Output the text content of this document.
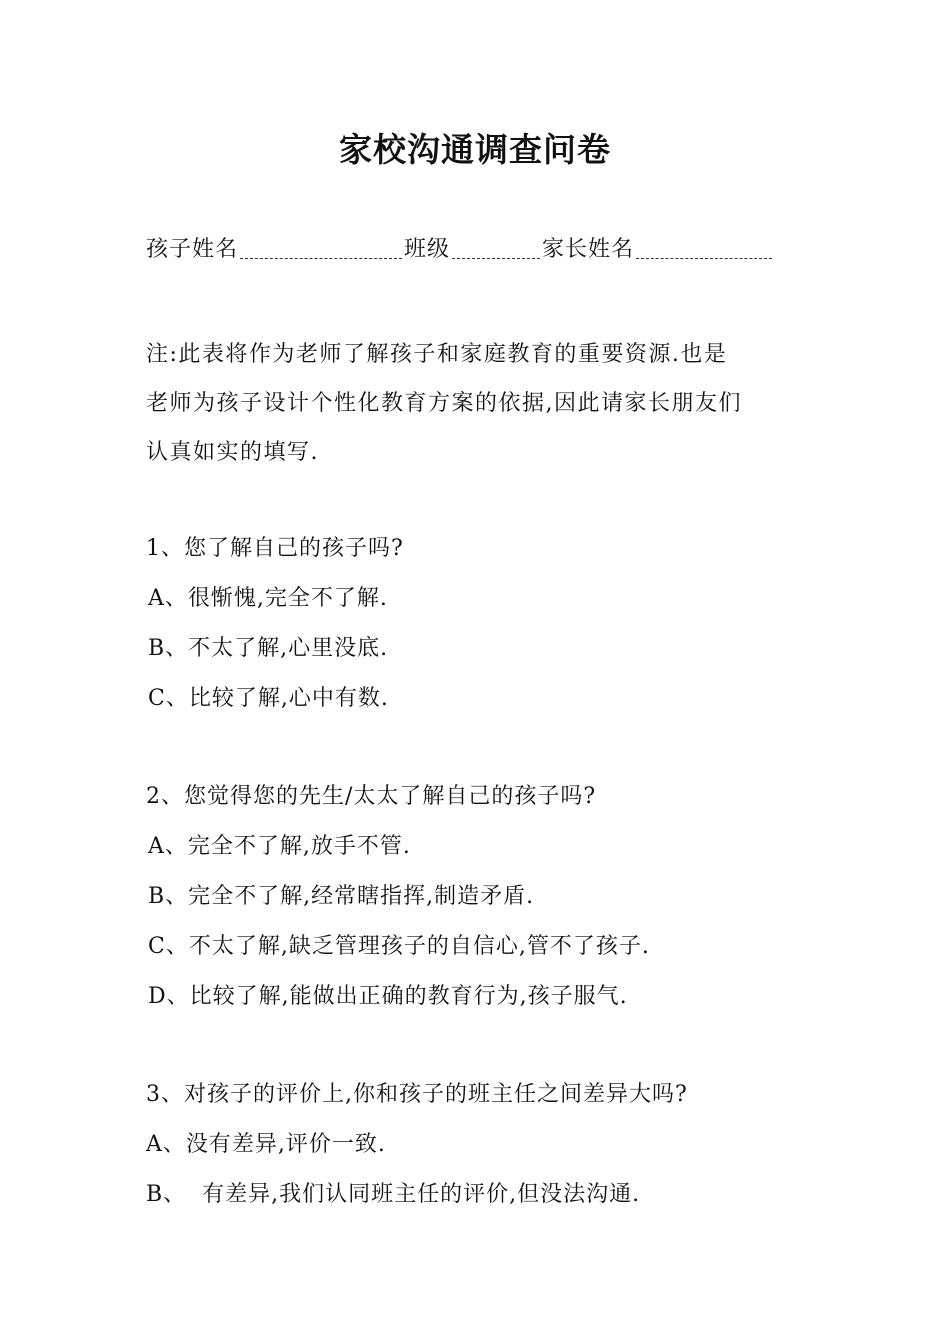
家校沟通调查问卷
孩子姓名	班级	家长姓名

注:此表将作为老师了解孩子和家庭教育的重要资源.也是

老师为孩子设计个性化教育方案的依据,因此请家长朋友们

认真如实的填写.

1、您了解自己的孩子吗?
A、很惭愧,完全不了解.
B、不太了解,心里没底.
C、比较了解,心中有数.
2、您觉得您的先生/太太了解自己的孩子吗?
A、完全不了解,放手不管.
B、完全不了解,经常瞎指挥,制造矛盾.
C、不太了解,缺乏管理孩子的自信心,管不了孩子.
D、比较了解,能做出正确的教育行为,孩子服气.
3、对孩子的评价上,你和孩子的班主任之间差异大吗?
A、没有差异,评价一致.
B、  有差异,我们认同班主任的评价,但没法沟通.
